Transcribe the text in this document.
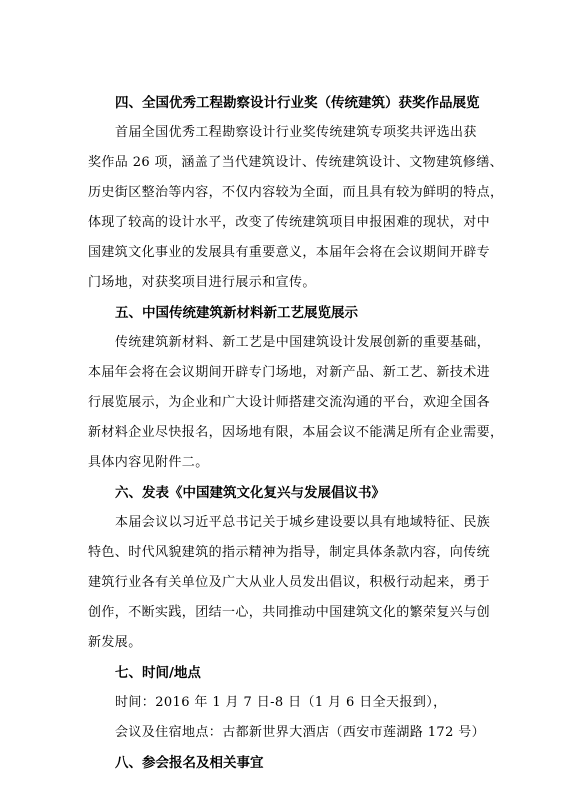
四、全国优秀工程勘察设计行业奖（传统建筑）获奖作品展览
首届全国优秀工程勘察设计行业奖传统建筑专项奖共评选出获
奖作品 26 项，涵盖了当代建筑设计、传统建筑设计、文物建筑修缮、
历史街区整治等内容，不仅内容较为全面，而且具有较为鲜明的特点，
体现了较高的设计水平，改变了传统建筑项目申报困难的现状，对中
国建筑文化事业的发展具有重要意义，本届年会将在会议期间开辟专
门场地，对获奖项目进行展示和宣传。
五、中国传统建筑新材料新工艺展览展示
传统建筑新材料、新工艺是中国建筑设计发展创新的重要基础，
本届年会将在会议期间开辟专门场地，对新产品、新工艺、新技术进
行展览展示，为企业和广大设计师搭建交流沟通的平台，欢迎全国各
新材料企业尽快报名，因场地有限，本届会议不能满足所有企业需要，
具体内容见附件二。
六、发表《中国建筑文化复兴与发展倡议书》
本届会议以习近平总书记关于城乡建设要以具有地域特征、民族
特色、时代风貌建筑的指示精神为指导，制定具体条款内容，向传统
建筑行业各有关单位及广大从业人员发出倡议，积极行动起来，勇于
创作，不断实践，团结一心，共同推动中国建筑文化的繁荣复兴与创
新发展。
七、时间/地点
时间：2016 年 1 月 7 日-8 日（1 月 6 日全天报到），
会议及住宿地点：古都新世界大酒店（西安市莲湖路 172 号）
八、参会报名及相关事宜
